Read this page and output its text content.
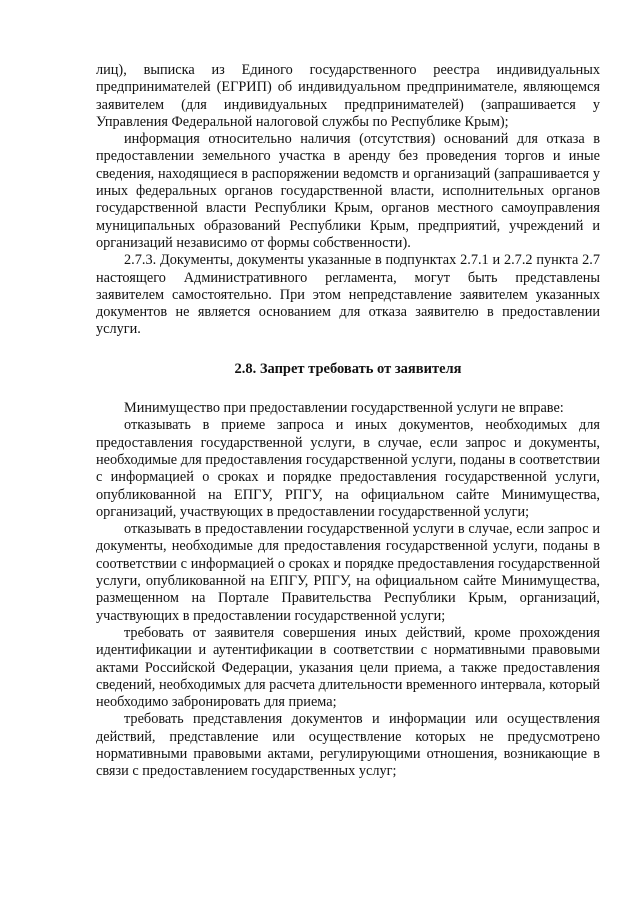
лиц), выписка из Единого государственного реестра индивидуальных предпринимателей (ЕГРИП) об индивидуальном предпринимателе, являющемся заявителем (для индивидуальных предпринимателей) (запрашивается у Управления Федеральной налоговой службы по Республике Крым);

информация относительно наличия (отсутствия) оснований для отказа в предоставлении земельного участка в аренду без проведения торгов и иные сведения, находящиеся в распоряжении ведомств и организаций (запрашивается у иных федеральных органов государственной власти, исполнительных органов государственной власти Республики Крым, органов местного самоуправления муниципальных образований Республики Крым, предприятий, учреждений и организаций независимо от формы собственности).

2.7.3. Документы, документы указанные в подпунктах 2.7.1 и 2.7.2 пункта 2.7 настоящего Административного регламента, могут быть представлены заявителем самостоятельно. При этом непредставление заявителем указанных документов не является основанием для отказа заявителю в предоставлении услуги.

2.8. Запрет требовать от заявителя

Минимущество при предоставлении государственной услуги не вправе:

отказывать в приеме запроса и иных документов, необходимых для предоставления государственной услуги, в случае, если запрос и документы, необходимые для предоставления государственной услуги, поданы в соответствии с информацией о сроках и порядке предоставления государственной услуги, опубликованной на ЕПГУ, РПГУ, на официальном сайте Минимущества, организаций, участвующих в предоставлении государственной услуги;

отказывать в предоставлении государственной услуги в случае, если запрос и документы, необходимые для предоставления государственной услуги, поданы в соответствии с информацией о сроках и порядке предоставления государственной услуги, опубликованной на ЕПГУ, РПГУ, на официальном сайте Минимущества, размещенном на Портале Правительства Республики Крым, организаций, участвующих в предоставлении государственной услуги;

требовать от заявителя совершения иных действий, кроме прохождения идентификации и аутентификации в соответствии с нормативными правовыми актами Российской Федерации, указания цели приема, а также предоставления сведений, необходимых для расчета длительности временного интервала, который необходимо забронировать для приема;

требовать представления документов и информации или осуществления действий, представление или осуществление которых не предусмотрено нормативными правовыми актами, регулирующими отношения, возникающие в связи с предоставлением государственных услуг;
